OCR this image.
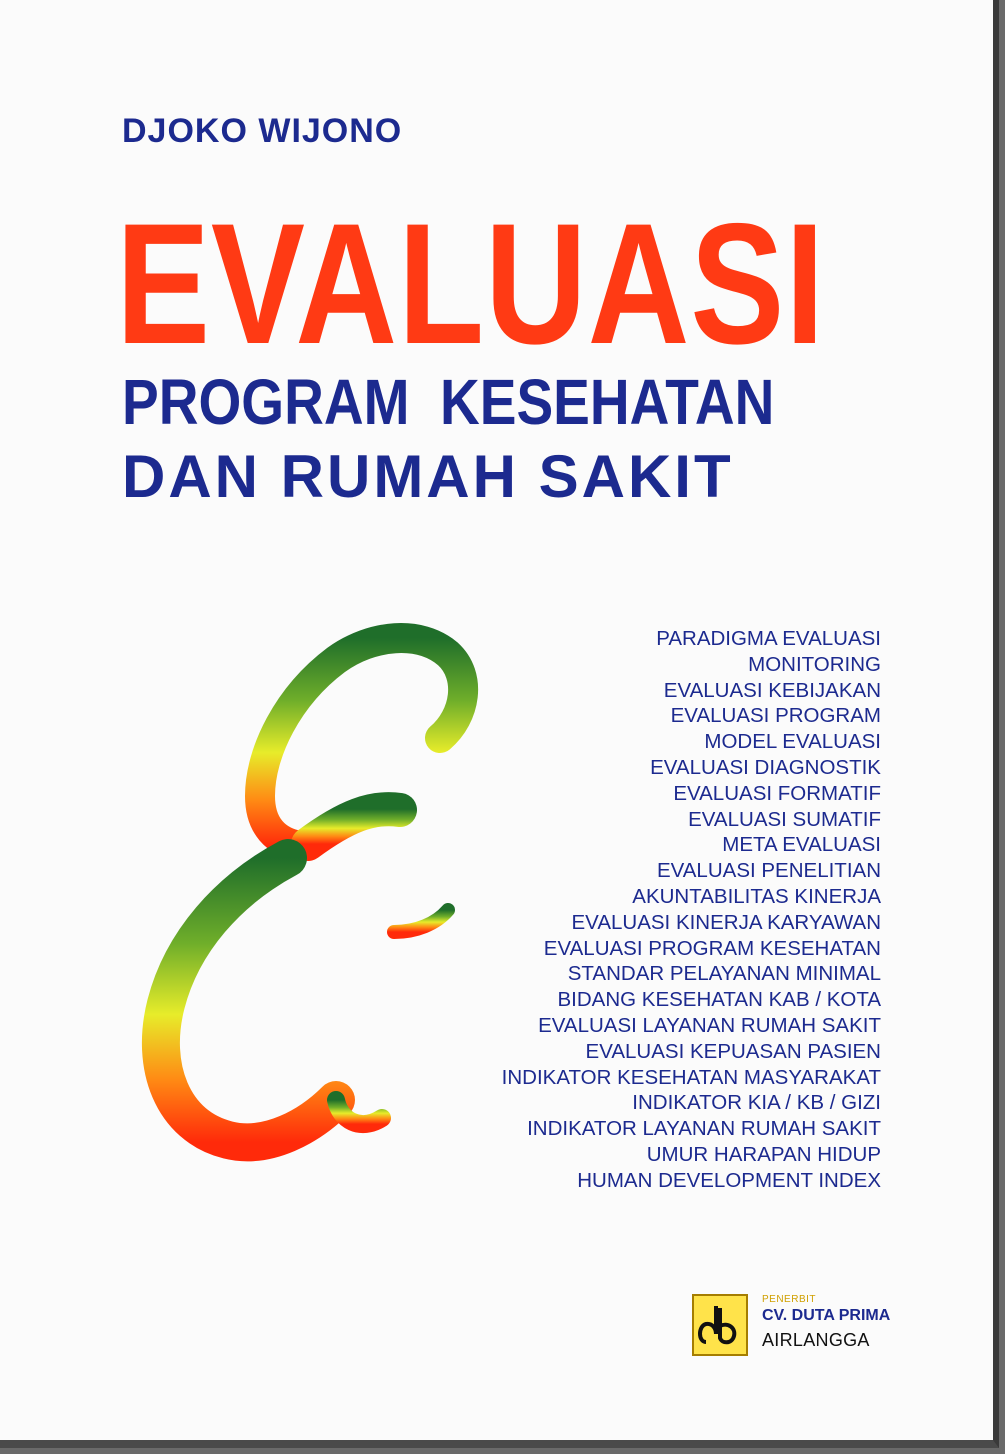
DJOKO WIJONO
EVALUASI
PROGRAM  KESEHATAN
DAN RUMAH SAKIT
PARADIGMA EVALUASI
MONITORING
EVALUASI KEBIJAKAN
EVALUASI PROGRAM
MODEL EVALUASI
EVALUASI DIAGNOSTIK
EVALUASI FORMATIF
EVALUASI SUMATIF
META EVALUASI
EVALUASI PENELITIAN
AKUNTABILITAS KINERJA
EVALUASI KINERJA KARYAWAN
EVALUASI PROGRAM KESEHATAN
STANDAR PELAYANAN MINIMAL
BIDANG KESEHATAN KAB / KOTA
EVALUASI LAYANAN RUMAH SAKIT
EVALUASI KEPUASAN PASIEN
INDIKATOR KESEHATAN MASYARAKAT
INDIKATOR KIA / KB / GIZI
INDIKATOR LAYANAN RUMAH SAKIT
UMUR HARAPAN HIDUP
HUMAN DEVELOPMENT INDEX
PENERBIT
CV. DUTA PRIMA
AIRLANGGA
